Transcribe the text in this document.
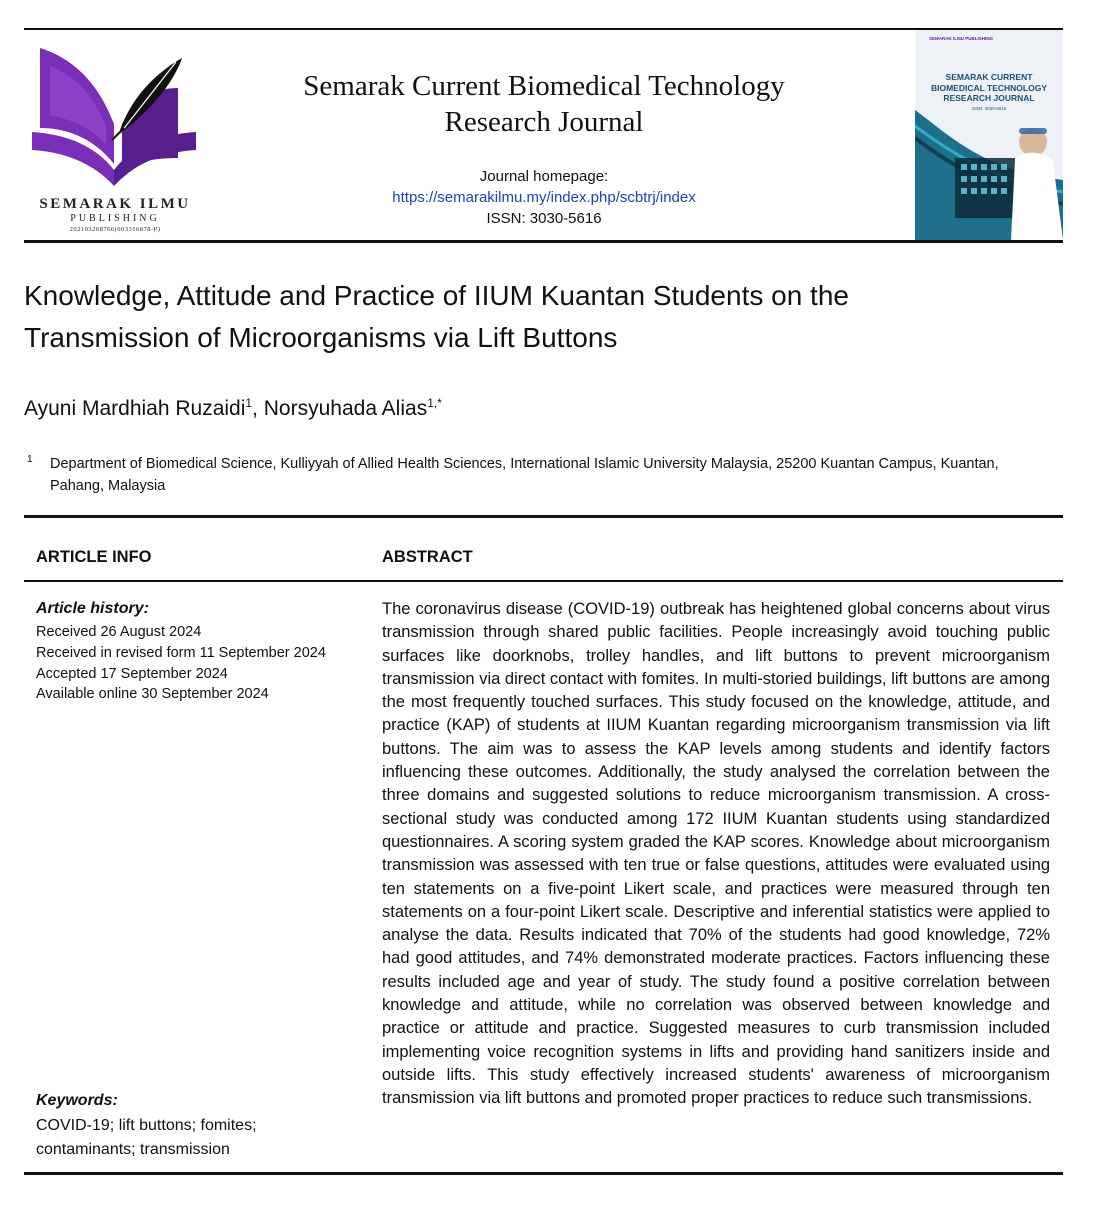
SEMARAK ILMU
PUBLISHING
202103268766(003316878-P)
Semarak Current Biomedical Technology
Research Journal
Journal homepage:
https://semarakilmu.my/index.php/scbtrj/index
ISSN: 3030-5616
SEMARAK ILMU PUBLISHING
SEMARAK CURRENT
BIOMEDICAL TECHNOLOGY
RESEARCH JOURNAL
ISSN: 3030-5616
Knowledge, Attitude and Practice of IIUM Kuantan Students on the
Transmission of Microorganisms via Lift Buttons
Ayuni Mardhiah Ruzaidi$^1$, Norsyuhada Alias$^{1,*}$
1 Department of Biomedical Science, Kulliyyah of Allied Health Sciences, International Islamic University Malaysia, 25200 Kuantan Campus, Kuantan, Pahang, Malaysia
ARTICLE INFO	ABSTRACT
Article history:
Received 26 August 2024
Received in revised form 11 September 2024
Accepted 17 September 2024
Available online 30 September 2024
Keywords:
COVID-19; lift buttons; fomites; contaminants; transmission
The coronavirus disease (COVID-19) outbreak has heightened global concerns about virus transmission through shared public facilities. People increasingly avoid touching public surfaces like doorknobs, trolley handles, and lift buttons to prevent microorganism transmission via direct contact with fomites. In multi-storied buildings, lift buttons are among the most frequently touched surfaces. This study focused on the knowledge, attitude, and practice (KAP) of students at IIUM Kuantan regarding microorganism transmission via lift buttons. The aim was to assess the KAP levels among students and identify factors influencing these outcomes. Additionally, the study analysed the correlation between the three domains and suggested solutions to reduce microorganism transmission. A cross-sectional study was conducted among 172 IIUM Kuantan students using standardized questionnaires. A scoring system graded the KAP scores. Knowledge about microorganism transmission was assessed with ten true or false questions, attitudes were evaluated using ten statements on a five-point Likert scale, and practices were measured through ten statements on a four-point Likert scale. Descriptive and inferential statistics were applied to analyse the data. Results indicated that 70% of the students had good knowledge, 72% had good attitudes, and 74% demonstrated moderate practices. Factors influencing these results included age and year of study. The study found a positive correlation between knowledge and attitude, while no correlation was observed between knowledge and practice or attitude and practice. Suggested measures to curb transmission included implementing voice recognition systems in lifts and providing hand sanitizers inside and outside lifts. This study effectively increased students' awareness of microorganism transmission via lift buttons and promoted proper practices to reduce such transmissions.
